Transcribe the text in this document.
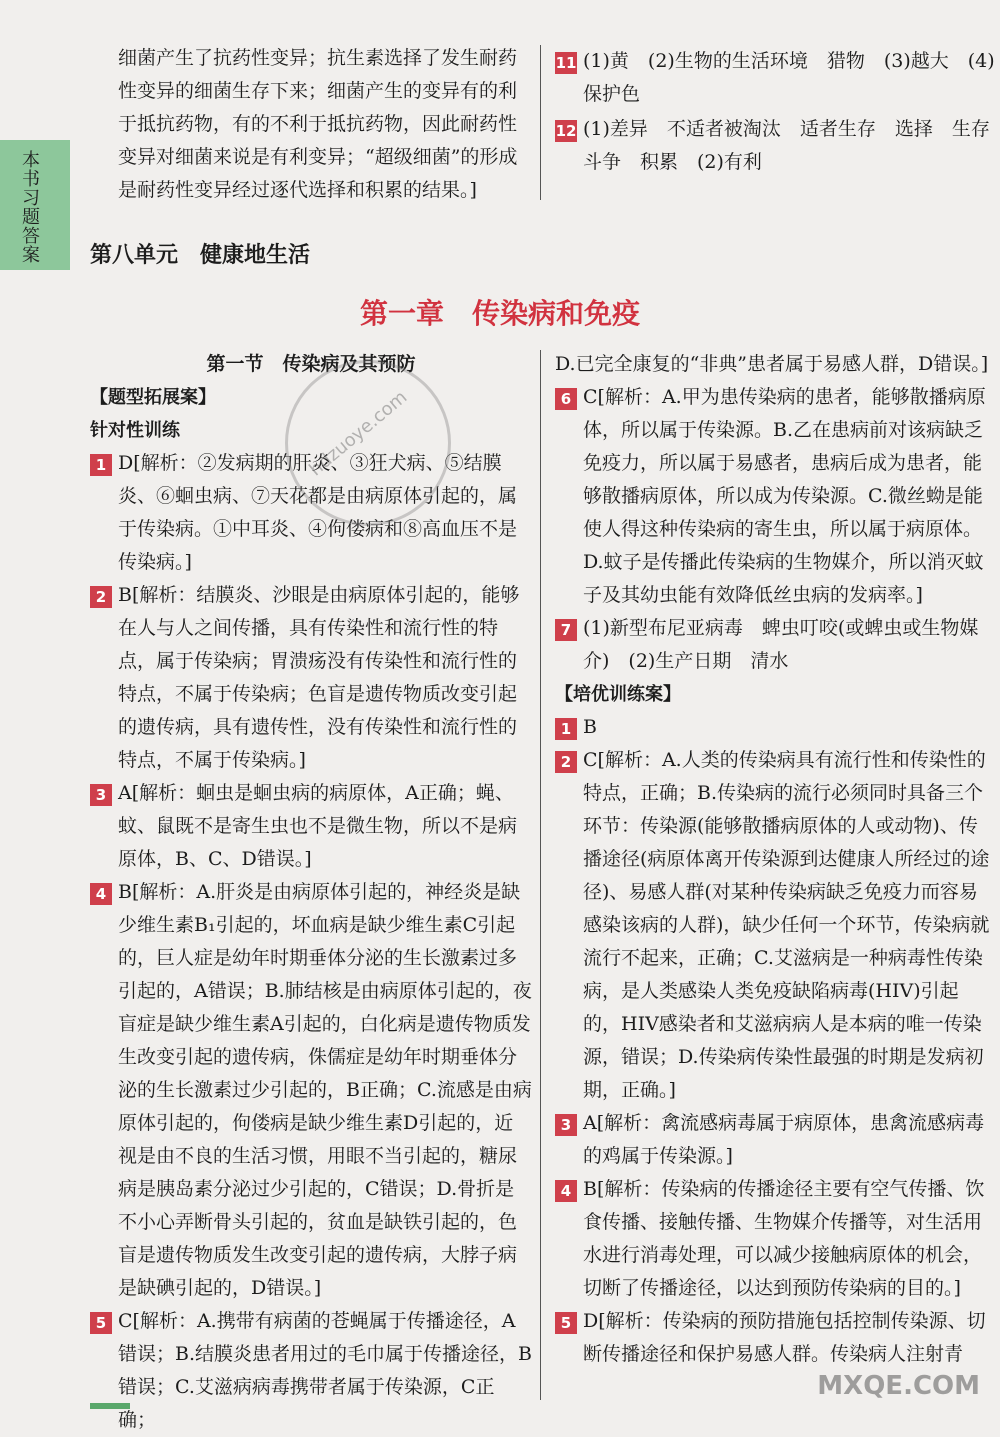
本书习题答案
细菌产生了抗药性变异；抗生素选择了发生耐药性变异的细菌生存下来；细菌产生的变异有的利于抵抗药物，有的不利于抵抗药物，因此耐药性变异对细菌来说是有利变异；“超级细菌”的形成是耐药性变异经过逐代选择和积累的结果。]
11 (1)黄　(2)生物的生活环境　猎物　(3)越大　(4)保护色
12 (1)差异　不适者被淘汰　适者生存　选择　生存斗争　积累　(2)有利
第八单元　健康地生活
第一章　传染病和免疫
第一节　传染病及其预防
【题型拓展案】
针对性训练
1 D[解析：②发病期的肝炎、③狂犬病、⑤结膜炎、⑥蛔虫病、⑦天花都是由病原体引起的，属于传染病。①中耳炎、④佝偻病和⑧高血压不是传染病。]
2 B[解析：结膜炎、沙眼是由病原体引起的，能够在人与人之间传播，具有传染性和流行性的特点，属于传染病；胃溃疡没有传染性和流行性的特点，不属于传染病；色盲是遗传物质改变引起的遗传病，具有遗传性，没有传染性和流行性的特点，不属于传染病。]
3 A[解析：蛔虫是蛔虫病的病原体，A正确；蝇、蚊、鼠既不是寄生虫也不是微生物，所以不是病原体，B、C、D错误。]
4 B[解析：A.肝炎是由病原体引起的，神经炎是缺少维生素B₁引起的，坏血病是缺少维生素C引起的，巨人症是幼年时期垂体分泌的生长激素过多引起的，A错误；B.肺结核是由病原体引起的，夜盲症是缺少维生素A引起的，白化病是遗传物质发生改变引起的遗传病，侏儒症是幼年时期垂体分泌的生长激素过少引起的，B正确；C.流感是由病原体引起的，佝偻病是缺少维生素D引起的，近视是由不良的生活习惯，用眼不当引起的，糖尿病是胰岛素分泌过少引起的，C错误；D.骨折是不小心弄断骨头引起的，贫血是缺铁引起的，色盲是遗传物质发生改变引起的遗传病，大脖子病是缺碘引起的，D错误。]
5 C[解析：A.携带有病菌的苍蝇属于传播途径，A错误；B.结膜炎患者用过的毛巾属于传播途径，B错误；C.艾滋病病毒携带者属于传染源，C正确；
D.已完全康复的“非典”患者属于易感人群，D错误。]
6 C[解析：A.甲为患传染病的患者，能够散播病原体，所以属于传染源。B.乙在患病前对该病缺乏免疫力，所以属于易感者，患病后成为患者，能够散播病原体，所以成为传染源。C.微丝蚴是能使人得这种传染病的寄生虫，所以属于病原体。D.蚊子是传播此传染病的生物媒介，所以消灭蚊子及其幼虫能有效降低丝虫病的发病率。]
7 (1)新型布尼亚病毒　蜱虫叮咬(或蜱虫或生物媒介)　(2)生产日期　清水
【培优训练案】
1 B
2 C[解析：A.人类的传染病具有流行性和传染性的特点，正确；B.传染病的流行必须同时具备三个环节：传染源(能够散播病原体的人或动物)、传播途径(病原体离开传染源到达健康人所经过的途径)、易感人群(对某种传染病缺乏免疫力而容易感染该病的人群)，缺少任何一个环节，传染病就流行不起来，正确；C.艾滋病是一种病毒性传染病，是人类感染人类免疫缺陷病毒(HIV)引起的，HIV感染者和艾滋病病人是本病的唯一传染源，错误；D.传染病传染性最强的时期是发病初期，正确。]
3 A[解析：禽流感病毒属于病原体，患禽流感病毒的鸡属于传染源。]
4 B[解析：传染病的传播途径主要有空气传播、饮食传播、接触传播、生物媒介传播等，对生活用水进行消毒处理，可以减少接触病原体的机会，切断了传播途径，以达到预防传染病的目的。]
5 D[解析：传染病的预防措施包括控制传染源、切断传播途径和保护易感人群。传染病人注射青
hdzuoye.com
MXQE.COM
